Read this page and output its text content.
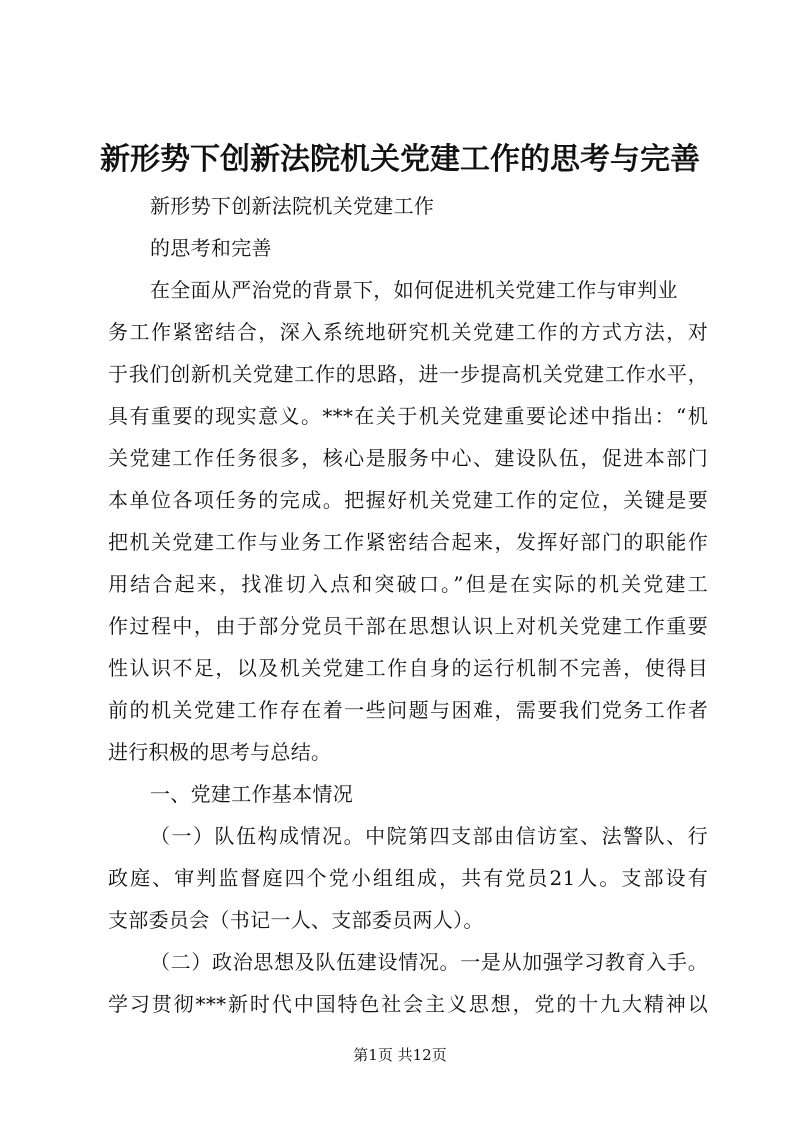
新形势下创新法院机关党建工作的思考与完善
新形势下创新法院机关党建工作
的思考和完善
在全面从严治党的背景下，如何促进机关党建工作与审判业
务工作紧密结合，深入系统地研究机关党建工作的方式方法，对
于我们创新机关党建工作的思路，进一步提高机关党建工作水平，
具有重要的现实意义。***在关于机关党建重要论述中指出：“机
关党建工作任务很多，核心是服务中心、建设队伍，促进本部门
本单位各项任务的完成。把握好机关党建工作的定位，关键是要
把机关党建工作与业务工作紧密结合起来，发挥好部门的职能作
用结合起来，找准切入点和突破口。”但是在实际的机关党建工
作过程中，由于部分党员干部在思想认识上对机关党建工作重要
性认识不足，以及机关党建工作自身的运行机制不完善，使得目
前的机关党建工作存在着一些问题与困难，需要我们党务工作者
进行积极的思考与总结。
一、党建工作基本情况
（一）队伍构成情况。中院第四支部由信访室、法警队、行
政庭、审判监督庭四个党小组组成，共有党员21人。支部设有
支部委员会（书记一人、支部委员两人）。
（二）政治思想及队伍建设情况。一是从加强学习教育入手。
学习贯彻***新时代中国特色社会主义思想，党的十九大精神以
第1页 共12页
